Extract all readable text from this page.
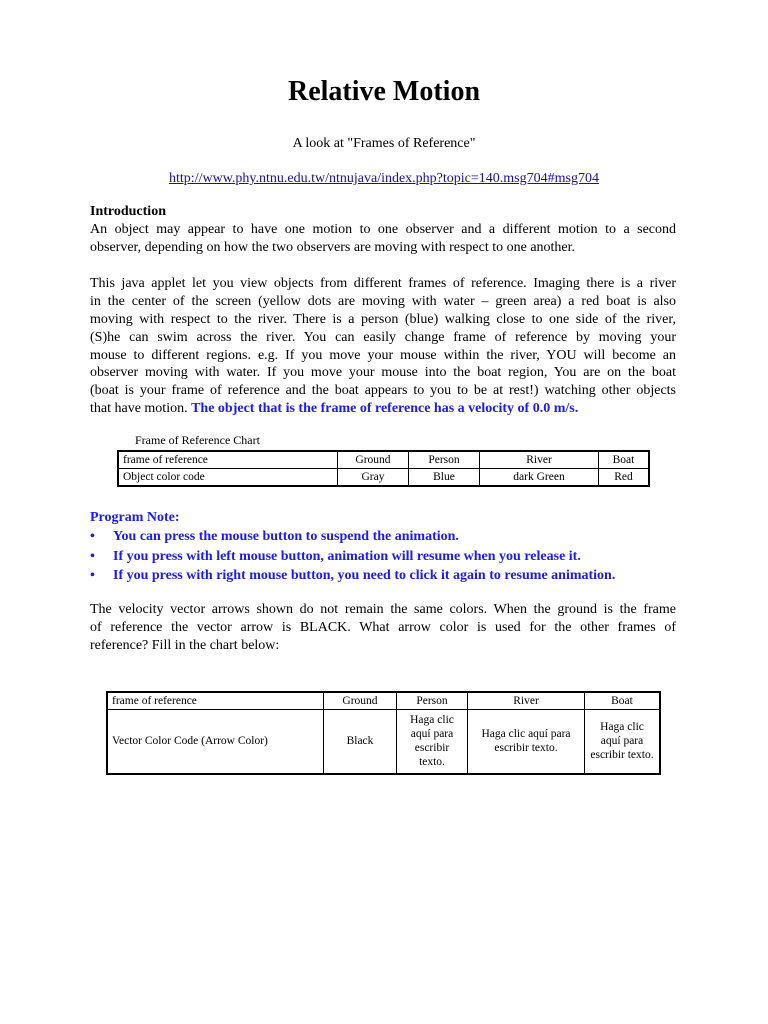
Relative Motion
A look at "Frames of Reference"
http://www.phy.ntnu.edu.tw/ntnujava/index.php?topic=140.msg704#msg704
Introduction
An object may appear to have one motion to one observer and a different motion to a second
observer, depending on how the two observers are moving with respect to one another.
This java applet let you view objects from different frames of reference. Imaging there is a river
in the center of the screen (yellow dots are moving with water – green area) a red boat is also
moving with respect to the river. There is a person (blue) walking close to one side of the river,
(S)he can swim across the river. You can easily change frame of reference by moving your
mouse to different regions. e.g. If you move your mouse within the river, YOU will become an
observer moving with water. If you move your mouse into the boat region, You are on the boat
(boat is your frame of reference and the boat appears to you to be at rest!) watching other objects
that have motion. The object that is the frame of reference has a velocity of 0.0 m/s.
Frame of Reference Chart
frame of reference	Ground	Person	River	Boat
Object color code	Gray	Blue	dark Green	Red
Program Note:
• You can press the mouse button to suspend the animation.
• If you press with left mouse button, animation will resume when you release it.
• If you press with right mouse button, you need to click it again to resume animation.
The velocity vector arrows shown do not remain the same colors. When the ground is the frame
of reference the vector arrow is BLACK. What arrow color is used for the other frames of
reference? Fill in the chart below:
frame of reference	Ground	Person	River	Boat
Vector Color Code (Arrow Color)	Black	Haga clic aquí para escribir texto.	Haga clic aquí para escribir texto.	Haga clic aquí para escribir texto.
